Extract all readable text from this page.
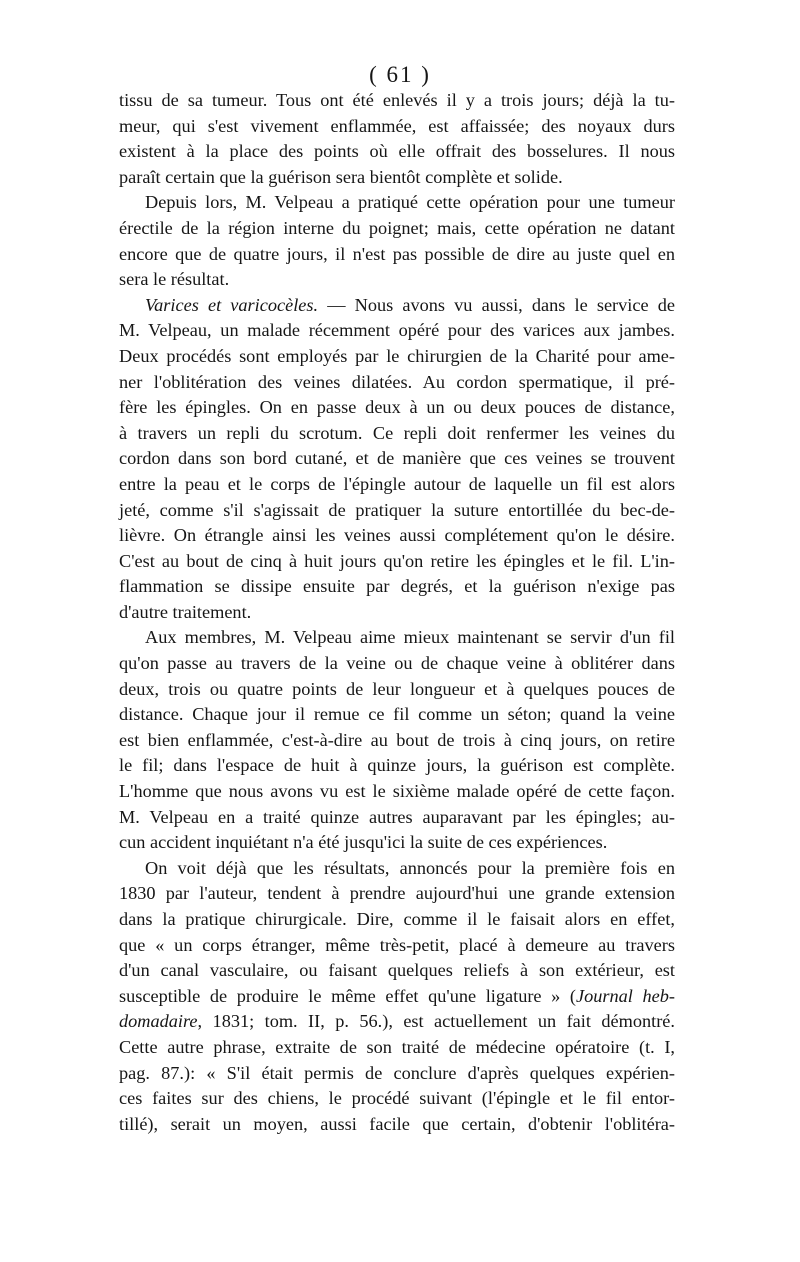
( 61 )
tissu de sa tumeur. Tous ont été enlevés il y a trois jours; déjà la tu-
meur, qui s'est vivement enflammée, est affaissée; des noyaux durs
existent à la place des points où elle offrait des bosselures. Il nous
paraît certain que la guérison sera bientôt complète et solide.
Depuis lors, M. Velpeau a pratiqué cette opération pour une tumeur
érectile de la région interne du poignet; mais, cette opération ne datant
encore que de quatre jours, il n'est pas possible de dire au juste quel en
sera le résultat.
Varices et varicocèles. — Nous avons vu aussi, dans le service de
M. Velpeau, un malade récemment opéré pour des varices aux jambes.
Deux procédés sont employés par le chirurgien de la Charité pour ame-
ner l'oblitération des veines dilatées. Au cordon spermatique, il pré-
fère les épingles. On en passe deux à un ou deux pouces de distance,
à travers un repli du scrotum. Ce repli doit renfermer les veines du
cordon dans son bord cutané, et de manière que ces veines se trouvent
entre la peau et le corps de l'épingle autour de laquelle un fil est alors
jeté, comme s'il s'agissait de pratiquer la suture entortillée du bec-de-
lièvre. On étrangle ainsi les veines aussi complétement qu'on le désire.
C'est au bout de cinq à huit jours qu'on retire les épingles et le fil. L'in-
flammation se dissipe ensuite par degrés, et la guérison n'exige pas
d'autre traitement.
Aux membres, M. Velpeau aime mieux maintenant se servir d'un fil
qu'on passe au travers de la veine ou de chaque veine à oblitérer dans
deux, trois ou quatre points de leur longueur et à quelques pouces de
distance. Chaque jour il remue ce fil comme un séton; quand la veine
est bien enflammée, c'est-à-dire au bout de trois à cinq jours, on retire
le fil; dans l'espace de huit à quinze jours, la guérison est complète.
L'homme que nous avons vu est le sixième malade opéré de cette façon.
M. Velpeau en a traité quinze autres auparavant par les épingles; au-
cun accident inquiétant n'a été jusqu'ici la suite de ces expériences.
On voit déjà que les résultats, annoncés pour la première fois en
1830 par l'auteur, tendent à prendre aujourd'hui une grande extension
dans la pratique chirurgicale. Dire, comme il le faisait alors en effet,
que « un corps étranger, même très-petit, placé à demeure au travers
d'un canal vasculaire, ou faisant quelques reliefs à son extérieur, est
susceptible de produire le même effet qu'une ligature » (Journal heb-
domadaire, 1831; tom. II, p. 56.), est actuellement un fait démontré.
Cette autre phrase, extraite de son traité de médecine opératoire (t. I,
pag. 87.): « S'il était permis de conclure d'après quelques expérien-
ces faites sur des chiens, le procédé suivant (l'épingle et le fil entor-
tillé), serait un moyen, aussi facile que certain, d'obtenir l'oblitéra-
